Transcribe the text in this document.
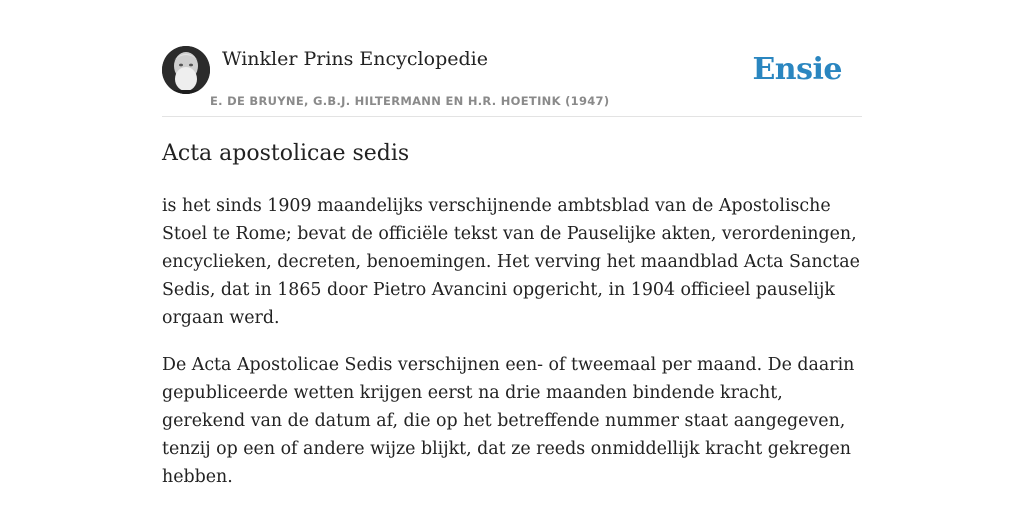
Winkler Prins Encyclopedie
E. DE BRUYNE, G.B.J. HILTERMANN EN H.R. HOETINK (1947)
Ensie
Acta apostolicae sedis

is het sinds 1909 maandelijks verschijnende ambtsblad van de Apostolische Stoel te Rome; bevat de officiële tekst van de Pauselijke akten, verordeningen, encyclieken, decreten, benoemingen. Het verving het maandblad Acta Sanctae Sedis, dat in 1865 door Pietro Avancini opgericht, in 1904 officieel pauselijk orgaan werd.

De Acta Apostolicae Sedis verschijnen een- of tweemaal per maand. De daarin gepubliceerde wetten krijgen eerst na drie maanden bindende kracht, gerekend van de datum af, die op het betreffende nummer staat aangegeven, tenzij op een of andere wijze blijkt, dat ze reeds onmiddellijk kracht gekregen hebben.
